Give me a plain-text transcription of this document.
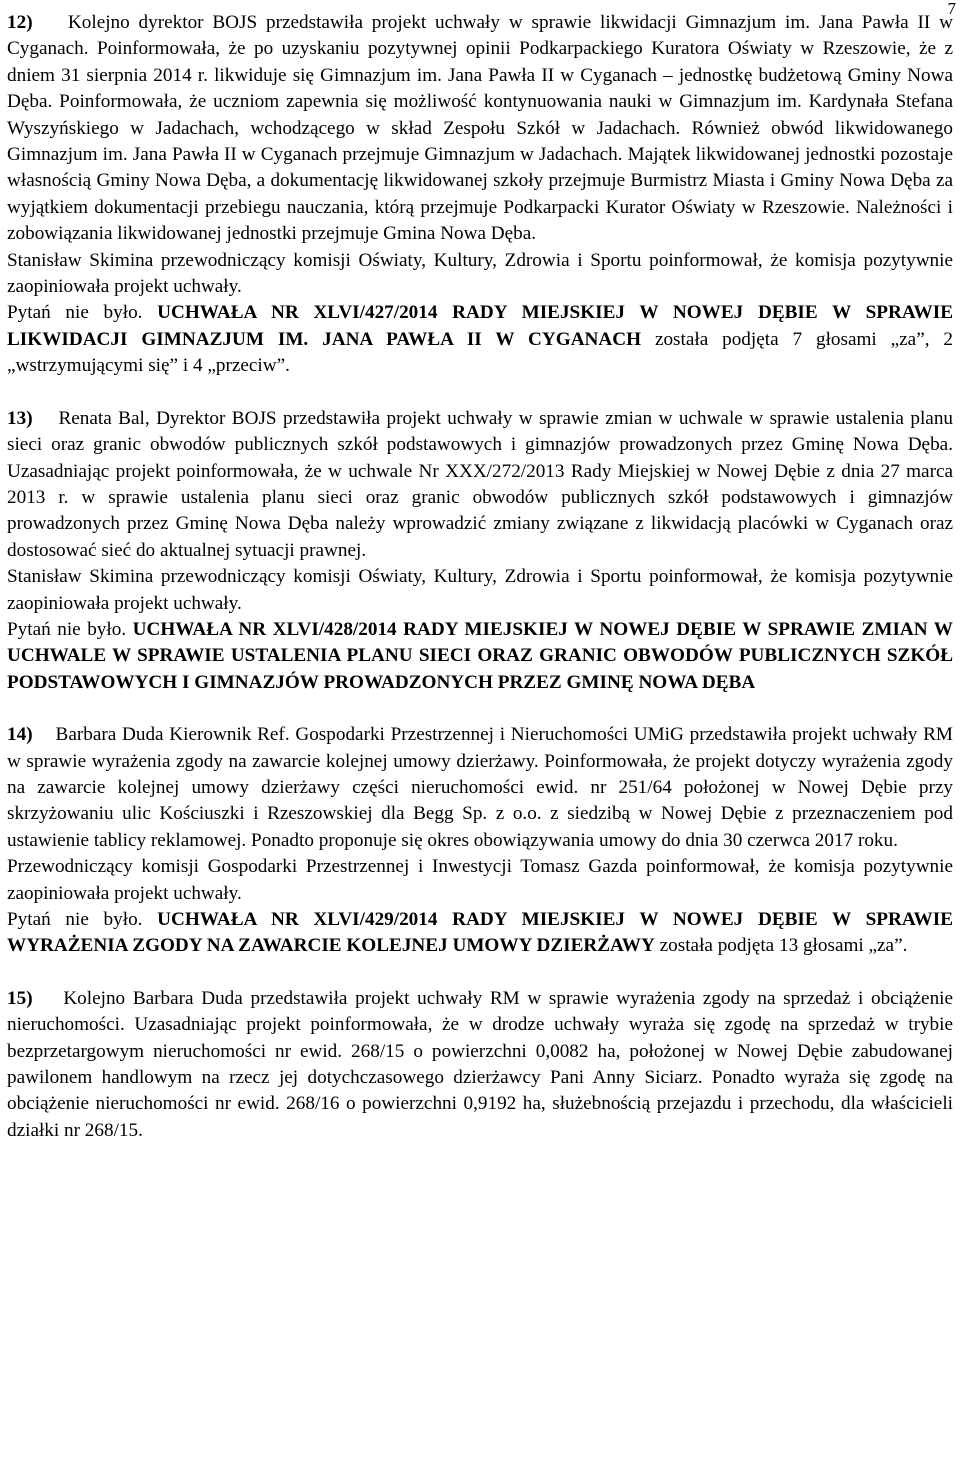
7

12) Kolejno dyrektor BOJS przedstawiła projekt uchwały w sprawie likwidacji Gimnazjum im. Jana Pawła II w Cyganach. Poinformowała, że po uzyskaniu pozytywnej opinii Podkarpackiego Kuratora Oświaty w Rzeszowie, że z dniem 31 sierpnia 2014 r. likwiduje się Gimnazjum im. Jana Pawła II w Cyganach – jednostkę budżetową Gminy Nowa Dęba. Poinformowała, że uczniom zapewnia się możliwość kontynuowania nauki w Gimnazjum im. Kardynała Stefana Wyszyńskiego w Jadachach, wchodzącego w skład Zespołu Szkół w Jadachach. Również obwód likwidowanego Gimnazjum im. Jana Pawła II w Cyganach przejmuje Gimnazjum w Jadachach. Majątek likwidowanej jednostki pozostaje własnością Gminy Nowa Dęba, a dokumentację likwidowanej szkoły przejmuje Burmistrz Miasta i Gminy Nowa Dęba za wyjątkiem dokumentacji przebiegu nauczania, którą przejmuje Podkarpacki Kurator Oświaty w Rzeszowie. Należności i zobowiązania likwidowanej jednostki przejmuje Gmina Nowa Dęba.

Stanisław Skimina przewodniczący komisji Oświaty, Kultury, Zdrowia i Sportu poinformował, że komisja pozytywnie zaopiniowała projekt uchwały.

Pytań nie było. UCHWAŁA NR XLVI/427/2014 RADY MIEJSKIEJ W NOWEJ DĘBIE W SPRAWIE LIKWIDACJI GIMNAZJUM IM. JANA PAWŁA II W CYGANACH została podjęta 7 głosami „za”, 2 „wstrzymującymi się” i 4 „przeciw”.

13) Renata Bal, Dyrektor BOJS przedstawiła projekt uchwały w sprawie zmian w uchwale w sprawie ustalenia planu sieci oraz granic obwodów publicznych szkół podstawowych i gimnazjów prowadzonych przez Gminę Nowa Dęba. Uzasadniając projekt poinformowała, że w uchwale Nr XXX/272/2013 Rady Miejskiej w Nowej Dębie z dnia 27 marca 2013 r. w sprawie ustalenia planu sieci oraz granic obwodów publicznych szkół podstawowych i gimnazjów prowadzonych przez Gminę Nowa Dęba należy wprowadzić zmiany związane z likwidacją placówki w Cyganach oraz dostosować sieć do aktualnej sytuacji prawnej.

Stanisław Skimina przewodniczący komisji Oświaty, Kultury, Zdrowia i Sportu poinformował, że komisja pozytywnie zaopiniowała projekt uchwały.

Pytań nie było. UCHWAŁA NR XLVI/428/2014 RADY MIEJSKIEJ W NOWEJ DĘBIE W SPRAWIE ZMIAN W UCHWALE W SPRAWIE USTALENIA PLANU SIECI ORAZ GRANIC OBWODÓW PUBLICZNYCH SZKÓŁ PODSTAWOWYCH I GIMNAZJÓW PROWADZONYCH PRZEZ GMINĘ NOWA DĘBA

14) Barbara Duda Kierownik Ref. Gospodarki Przestrzennej i Nieruchomości UMiG przedstawiła projekt uchwały RM w sprawie wyrażenia zgody na zawarcie kolejnej umowy dzierżawy. Poinformowała, że projekt dotyczy wyrażenia zgody na zawarcie kolejnej umowy dzierżawy części nieruchomości ewid. nr 251/64 położonej w Nowej Dębie przy skrzyżowaniu ulic Kościuszki i Rzeszowskiej dla Begg Sp. z o.o. z siedzibą w Nowej Dębie z przeznaczeniem pod ustawienie tablicy reklamowej. Ponadto proponuje się okres obowiązywania umowy do dnia 30 czerwca 2017 roku.

Przewodniczący komisji Gospodarki Przestrzennej i Inwestycji Tomasz Gazda poinformował, że komisja pozytywnie zaopiniowała projekt uchwały.

Pytań nie było. UCHWAŁA NR XLVI/429/2014 RADY MIEJSKIEJ W NOWEJ DĘBIE W SPRAWIE WYRAŻENIA ZGODY NA ZAWARCIE KOLEJNEJ UMOWY DZIERŻAWY została podjęta 13 głosami „za”.

15) Kolejno Barbara Duda przedstawiła projekt uchwały RM w sprawie wyrażenia zgody na sprzedaż i obciążenie nieruchomości. Uzasadniając projekt poinformowała, że w drodze uchwały wyraża się zgodę na sprzedaż w trybie bezprzetargowym nieruchomości nr ewid. 268/15 o powierzchni 0,0082 ha, położonej w Nowej Dębie zabudowanej pawilonem handlowym na rzecz jej dotychczasowego dzierżawcy Pani Anny Siciarz. Ponadto wyraża się zgodę na obciążenie nieruchomości nr ewid. 268/16 o powierzchni 0,9192 ha, służebnością przejazdu i przechodu, dla właścicieli działki nr 268/15.
